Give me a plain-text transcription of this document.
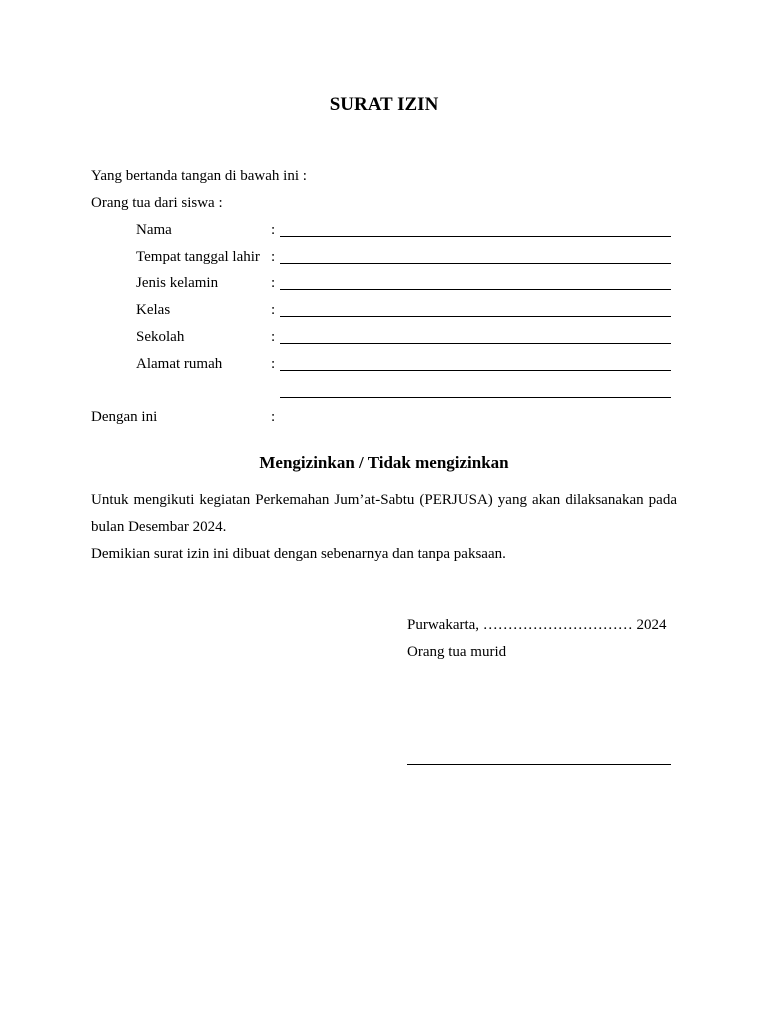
SURAT IZIN
Yang bertanda tangan di bawah ini :
Orang tua dari siswa :
Nama	:
Tempat tanggal lahir :
Jenis kelamin	:
Kelas	:
Sekolah	:
Alamat rumah	:
Dengan ini	:
Mengizinkan / Tidak mengizinkan
Untuk mengikuti kegiatan Perkemahan Jum’at-Sabtu (PERJUSA) yang akan dilaksanakan pada
bulan Desembar 2024.
Demikian surat izin ini dibuat dengan sebenarnya dan tanpa paksaan.
Purwakarta, ………………………… 2024
Orang tua murid
